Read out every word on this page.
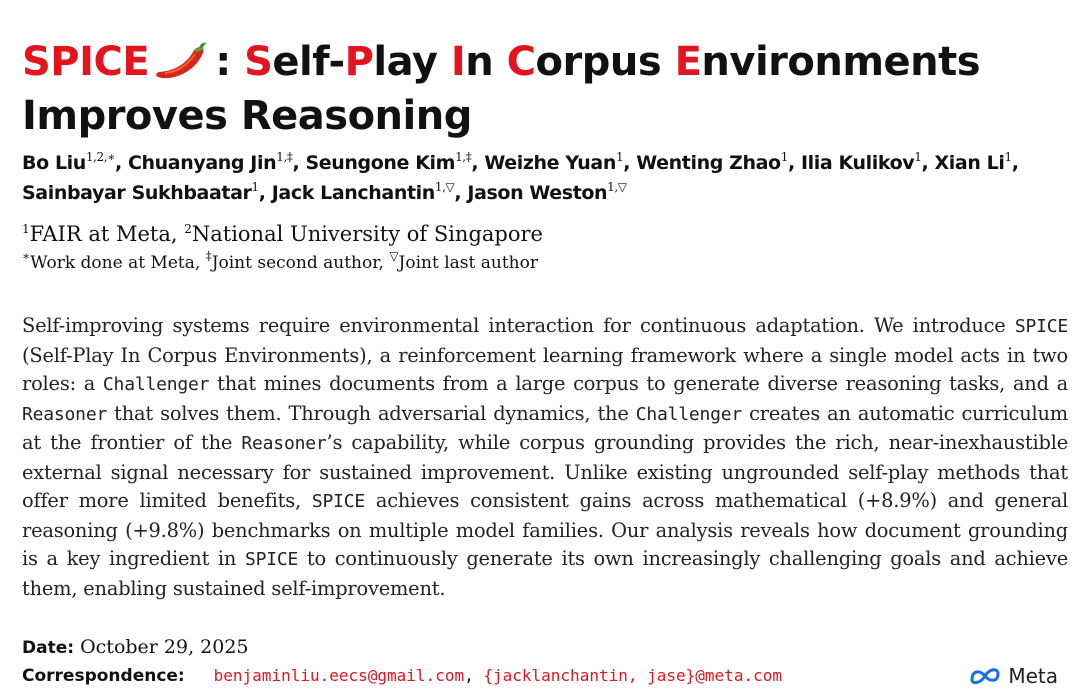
SPICE : Self-Play In Corpus Environments
Improves Reasoning
Bo Liu$^{1,2,∗}$, Chuanyang Jin$^{1,\ddagger}$, Seungone Kim$^{1,\ddagger}$, Weizhe Yuan$^1$, Wenting Zhao$^1$, Ilia Kulikov$^1$, Xian Li$^1$,
Sainbayar Sukhbaatar$^1$, Jack Lanchantin$^{1,▽}$, Jason Weston$^{1,▽}$
$^1$FAIR at Meta, $^2$National University of Singapore
∗Work done at Meta, ‡Joint second author, ▽Joint last author
Self-improving systems require environmental interaction for continuous adaptation. We introduce SPICE (Self-Play In Corpus Environments), a reinforcement learning framework where a single model acts in two roles: a Challenger that mines documents from a large corpus to generate diverse reasoning tasks, and a Reasoner that solves them. Through adversarial dynamics, the Challenger creates an automatic curriculum at the frontier of the Reasoner’s capability, while corpus grounding provides the rich, near-inexhaustible external signal necessary for sustained improvement. Unlike existing ungrounded self-play methods that offer more limited benefits, SPICE achieves consistent gains across mathematical (+8.9%) and general reasoning (+9.8%) benchmarks on multiple model families. Our analysis reveals how document grounding is a key ingredient in SPICE to continuously generate its own increasingly challenging goals and achieve them, enabling sustained self-improvement.
Date: October 29, 2025
Correspondence: benjaminliu.eecs@gmail.com, {jacklanchantin, jase}@meta.com	Meta
